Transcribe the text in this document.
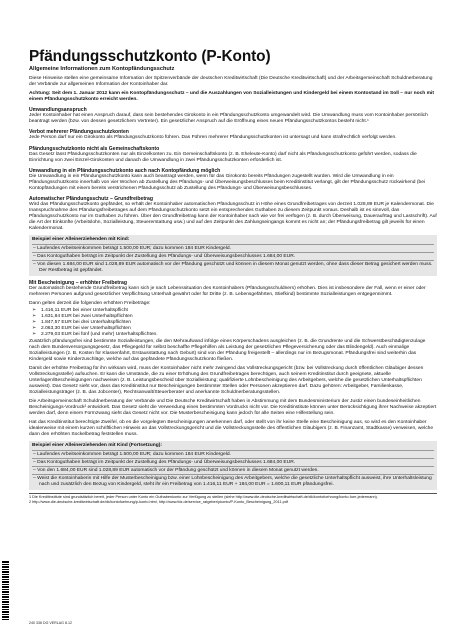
Pfändungsschutzkonto (P-Konto)
Allgemeine Informationen zum Kontopfändungsschutz

Diese Hinweise stellen eine gemeinsame Information der Spitzenverbände der deutschen Kreditwirtschaft (Die Deutsche Kreditwirtschaft) und der Arbeitsgemeinschaft Schuldnerberatung der Verbände zur allgemeinen Information der Kontoinhaber dar.

Achtung: Seit dem 1. Januar 2012 kann ein Kontopfändungsschutz – und die Auszahlungen von Sozialleistungen und Kindergeld bei einem Kontostand im Soll – nur noch mit einem Pfändungsschutzkonto erreicht werden.

Umwandlungsanspruch

Jeder Kontoinhaber hat einen Anspruch darauf, dass sein bestehendes Girokonto in ein Pfändungsschutzkonto umgewandelt wird. Die Umwandlung muss vom Kontoinhaber persönlich beantragt werden (bzw. von dessen gesetzlichem Vertreter). Ein gesetzlicher Anspruch auf die Eröffnung eines neuen Pfändungsschutzkontos besteht nicht.¹

Verbot mehrerer Pfändungsschutzkonten

Jede Person darf nur ein Girokonto als Pfändungsschutzkonto führen. Das Führen mehrerer Pfändungsschutzkonten ist untersagt und kann strafrechtlich verfolgt werden.

Pfändungsschutzkonto nicht als Gemeinschaftskonto

Das Gesetz lässt Pfändungsschutzkonten nur als Einzelkonten zu. Ein Gemeinschaftskonto (z. B. Eheleute-Konto) darf nicht als Pfändungsschutzkonto geführt werden, sodass die Einrichtung von zwei Einzel-Girokonten und danach die Umwandlung in zwei Pfändungsschutzkonten erforderlich ist.

Umwandlung in ein Pfändungsschutzkonto auch nach Kontopfändung möglich

Die Umwandlung in ein Pfändungsschutzkonto kann auch beantragt werden, wenn für das Girokonto bereits Pfändungen zugestellt wurden. Wird die Umwandlung in ein Pfändungsschutzkonto innerhalb von vier Wochen ab Zustellung des Pfändungs- und Überweisungsbeschlusses beim Kreditinstitut verlangt, gilt der Pfändungsschutz rückwirkend (bei Kontopfändungen mit einem bereits verstrichenen Pfändungsschutz ab Zustellung des Pfändungs- und Überweisungsbeschlusses.

Automatischer Pfändungsschutz – Grundfreibetrag

Wird das Pfändungsschutzkonto gepfändet, so erhält der Kontoinhaber automatischen Pfändungsschutz in Höhe eines Grundfreibetrages von derzeit 1.028,89 EUR je Kalendermonat. Die Inanspruchnahme des Pfändungsfreibetrages auf dem Pfändungsschutzkonto setzt ein entsprechendes Guthaben zu diesem Zeitpunkt voraus. Deshalb ist es sinnvoll, das Pfändungsschutzkonto nur im Guthaben zu führen. Über den Grundfreibetrag kann der Kontoinhaber nach wie vor frei verfügen (z. B. durch Überweisung, Daueraufrtag und Lastschrift). Auf die Art der Einkünfte (Arbeitslohn, Sozialleistung, Steuererstattung usw.) und auf den Zeitpunkt des Zahlungseingangs kommt es nicht an; der Pfändungsfreibetrag gilt jeweils für einen Kalendermonat.

Beispiel einer Alleinerziehenden mit Kind:
– Laufendes Arbeitseinkommen beträgt 1.500,00 EUR; dazu kommen 184 EUR Kindergeld.
– Das Kontoguthaben beträgt im Zeitpunkt der Zustellung des Pfändungs- und Überweisungsbeschlusses 1.684,00 EUR.
– Von diesen 1.684,00 EUR sind 1.028,89 EUR automatisch vor der Pfändung geschützt und können in diesem Monat genutzt werden, ohne dass dieser Betrag gesichert werden muss. Der Restbetrag ist gepfändet.
Mit Bescheinigung – erhöhter Freibetrag

Der automatisch bestehende Grundfreibetrag kann sich je nach Lebenssituation des Kontoinhabers (Pfändungsschuldners) erhöhen. Dies ist insbesondere der Fall, wenn er einer oder mehreren Personen aufgrund gesetzlicher Verpflichtung Unterhalt gewährt oder für Dritte (z. B. Lebensgefährten, Stiefkind) bestimmte Sozialleistungen entgegennimmt.

Dann gelten derzeit die folgenden erhöhten Freibeträge:

➢ 1.416,11 EUR bei einer Unterhaltspflicht
➢ 1.631,84 EUR bei zwei Unterhaltspflichten
➢ 1.847,57 EUR bei drei Unterhaltspflichten
➢ 2.063,30 EUR bei vier Unterhaltspflichten
➢ 2.279,03 EUR bei fünf (und mehr) Unterhaltspflichten.

Zusätzlich pfändungsfrei sind bestimmte Sozialleistungen, die den Mehraufwand infolge eines Körperschadens ausgleichen (z. B. die Grundrente und die Schwerstbeschädigtenzulage nach dem Bundesversorgungsgesetz, das Pflegegeld für selbst beschaffte Pflegehilfen als Leistung der gesetzlichen Pflegeversicherung oder das Blindengeld). Auch einmalige Sozialleistungen (z. B. Kosten für Klassenfahrt, Erstausstattung nach Geburt) sind von der Pfändung freigestellt – allerdings nur im Bezugsmonat. Pfändungsfrei sind weiterhin das Kindergeld sowie Kinderzuschläge, welche auf das gepfändete Pfändungsschutzkonto fließen.

Damit der erhöhte Freibetrag für ihn wirksam wird, muss der Kontoinhaber nicht mehr zwingend das Vollstreckungsgericht (bzw. bei Vollstreckung durch öffentlichen Gläubiger dessen Vollstreckungsstelle) aufsuchen. Er kann die Umstände, die zu einer Erhöhung des Grundfreibetrages berechtigen, auch seinem Kreditinstitut durch geeignete, aktuelle Unterlagen/Bescheinigungen nachweisen (z. B. Leistungsbescheid über Sozialleistung; qualifizierte Lohnbescheinigung des Arbeitgebers, welche die gesetzlichen Unterhaltspflichten ausweist). Das Gesetz sieht vor, dass das Kreditinstitut nur Bescheinigungen bestimmter Stellen oder Personen akzeptieren darf. Dazu gehören: Arbeitgeber, Familienkasse, Sozialleistungsträger (z. B. das Jobcenter), Rechtsanwalt/Steuerberater und anerkannte Schuldnerberatungsstellen.

Die Arbeitsgemeinschaft Schuldnerberatung der Verbände und Die Deutsche Kreditwirtschaft haben in Abstimmung mit dem Bundesministerium der Justiz einen bundeseinheitlichen Bescheinigungs-Vordruck² entwickelt. Das Gesetz sieht die Verwendung eines bestimmten Vordrucks nicht vor. Die Kreditinstitute können unter Berücksichtigung ihrer Nachweise akzeptiert werden darf, denn einem Formzwang sieht das Gesetz nicht vor. Die Musterbescheinigung kann jedoch für alle Seiten eine Hilfestellung sein.

Hat das Kreditinstitut berechtigte Zweifel, ob es die vorgelegten Bescheinigungen anerkennen darf, oder stellt von ihr keine Stelle eine Bescheinigung aus, so wird es den Kontoinhaber idealerweise mit einem kurzen schriftlichen Hinweis an das Vollstreckungsgericht und die Vollstreckungsstelle des öffentlichen Gläubigers (z. B. Finanzamt, Stadtkasse) verweisen, welche dann den erhöhten Sockelbetrag feststellen muss.

Beispiel einer Alleinerziehenden mit Kind (Fortsetzung):
– Laufendes Arbeitseinkommen beträgt 1.500,00 EUR; dazu kommen 184 EUR Kindergeld.
– Das Kontoguthaben beträgt im Zeitpunkt der Zustellung des Pfändungs- und Überweisungsbeschlusses 1.684,00 EUR.
– Von den 1.684,00 EUR sind 1.028,89 EUR automatisch vor der Pfändung geschützt und können in diesem Monat genutzt werden.
– Weist die Kontoinhaberin mit Hilfe der Musterbescheinigung bzw. einer Lohnbescheinigung des Arbeitgebers, welche die gesetzliche Unterhaltspflicht ausweist, ihre Unterhaltsleistung nach und zusätzlich den Bezug von Kindergeld, steht ihr ein Freibetrag von 1.416,11 EUR + 184,00 EUR = 1.600,11 EUR pfändungsfrei.
1 Die Kreditinstitute sind grundsätzlich bereit, jeder Person unter Konto ein Guthabenkonto zur Verfügung zu stellen (siehe http://www.die-deutsche-kreditwirtschaft.de/dk/kontofuehrung/konto-fuer-jedermann).
2 http://www.die-deutsche-kreditwirtschaft.de/dk/kontofuehrung/p-konto.html, http://www.fdz.de/service_ratgeber/pkonto/P-Konto_Bescheinigung_2011.pdf
240 336 DG VERLAG 8.12
